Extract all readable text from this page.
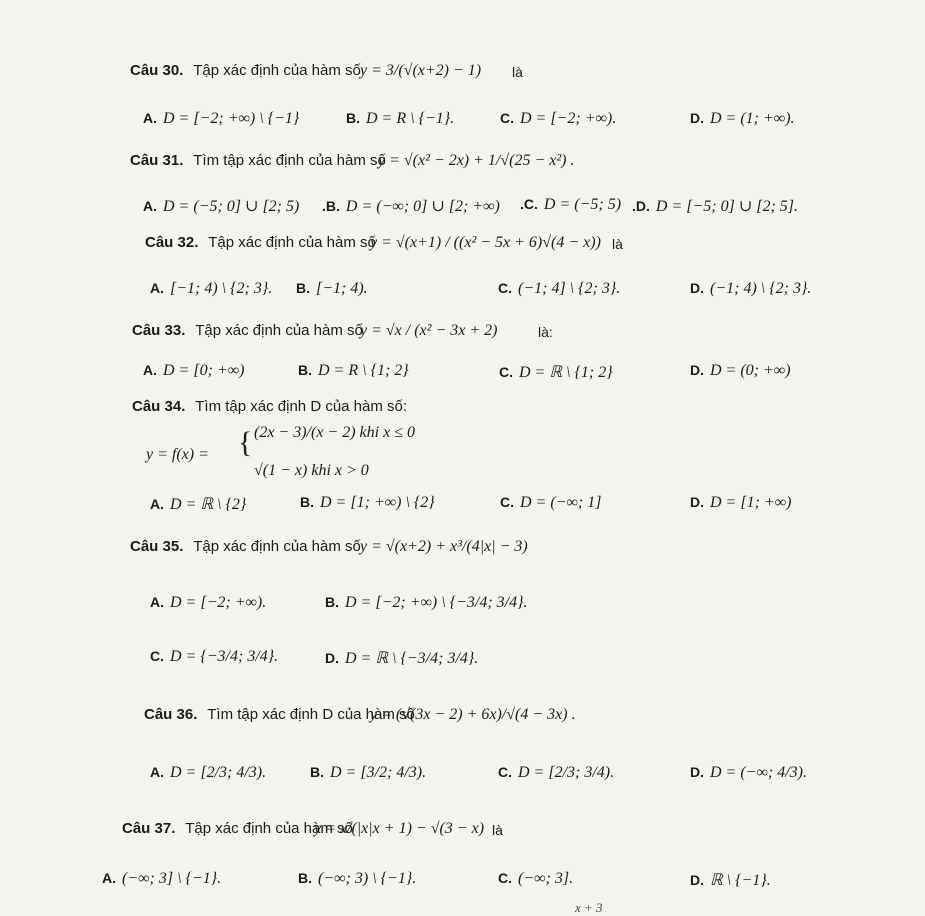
Câu 30. Tập xác định của hàm số y = 3/(√(x+2) − 1) là
A. D = [−2; +∞) \ {−1}	B. D = R \ {−1}.	C. D = [−2; +∞).	D. D = (1; +∞).
Câu 31. Tìm tập xác định của hàm số
y = √(x² − 2x) + 1/√(25 − x²) .
A. D = (−5; 0] ∪ [2; 5) .B. D = (−∞; 0] ∪ [2; +∞) .C. D = (−5; 5) .D. D = [−5; 0] ∪ [2; 5].
Câu 32. Tập xác định của hàm số
y = √(x+1) / ((x² − 5x + 6)√(4 − x)) là
A. [−1; 4) \ {2; 3}. B. [−1; 4).	C. (−1; 4] \ {2; 3}.	D. (−1; 4) \ {2; 3}.
Câu 33. Tập xác định của hàm số
y = √x / (x² − 3x + 2)	là:
A. D = [0; +∞)	B. D = R \ {1; 2}	C. D = ℝ \ {1; 2}	D. D = (0; +∞)
Câu 34. Tìm tập xác định D của hàm số:
y = f(x) = { (2x − 3)/(x − 2) khi x ≤ 0
√(1 − x) khi x > 0
A. D = ℝ \ {2}	B. D = [1; +∞) \ {2}	C. D = (−∞; 1]	D. D = [1; +∞)
Câu 35. Tập xác định của hàm số y = √(x+2) + x³/(4|x| − 3)
A. D = [−2; +∞).	B. D = [−2; +∞) \ {−3/4; 3/4}.
C. D = {−3/4; 3/4}.	D. D = ℝ \ {−3/4; 3/4}.
Câu 36. Tìm tập xác định D của hàm số
y = (√(3x − 2) + 6x)/√(4 − 3x) .
A. D = [2/3; 4/3).	B. D = [3/2; 4/3).	C. D = [2/3; 3/4).	D. D = (−∞; 4/3).
Câu 37. Tập xác định của hàm số
y = x/(|x|x + 1) − √(3 − x) là
A. (−∞; 3] \ {−1}.	B. (−∞; 3) \ {−1}.	C. (−∞; 3].	D. ℝ \ {−1}.
x + 3
